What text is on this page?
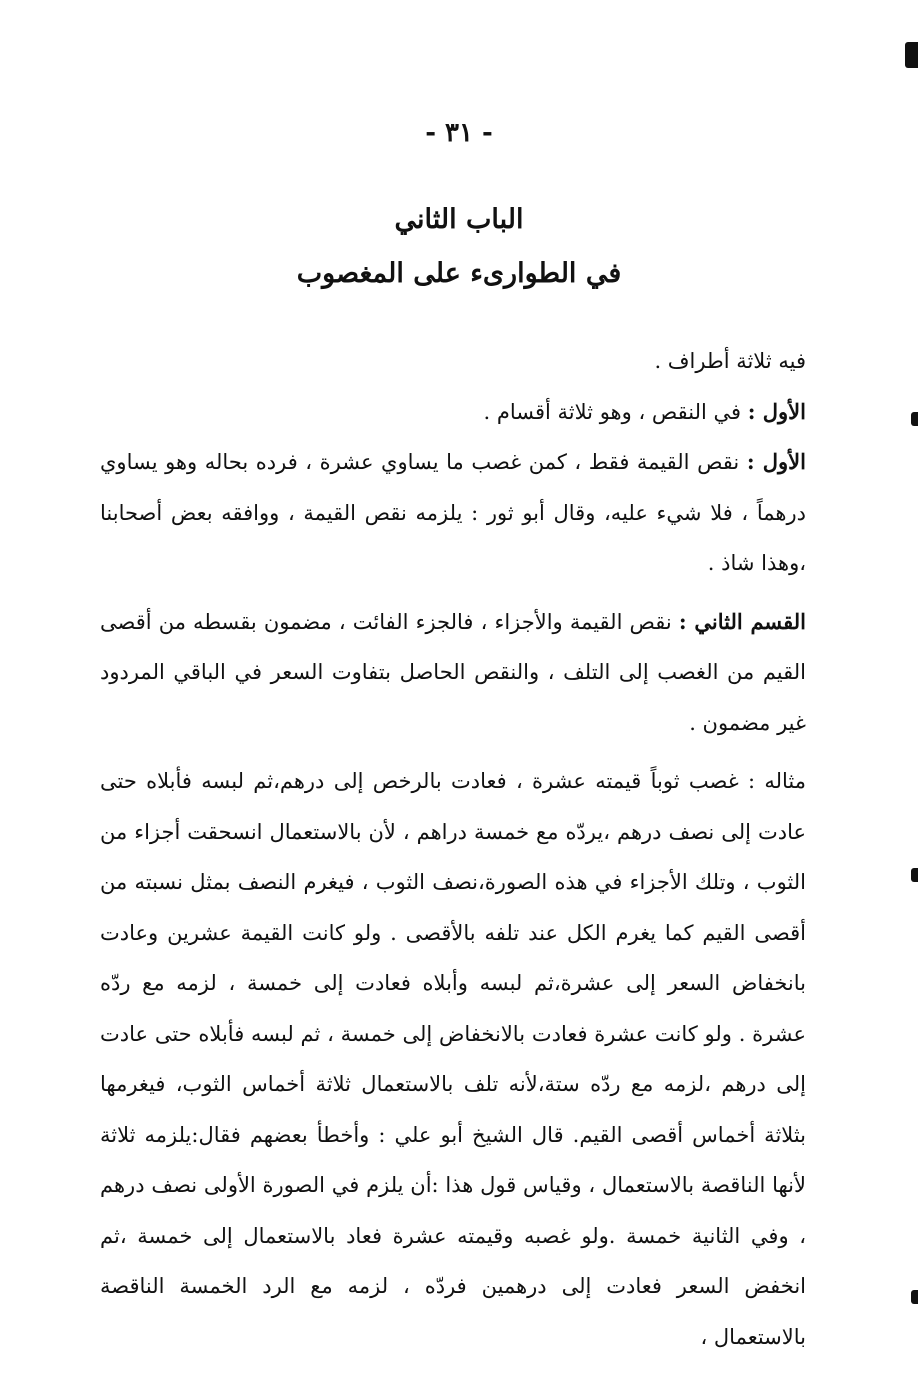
- ٣١ -
الباب الثاني
في الطوارىء على المغصوب

فيه ثلاثة أطراف .

الأول : في النقص ، وهو ثلاثة أقسام .

الأول : نقص القيمة فقط ، كمن غصب ما يساوي عشرة ، فرده بحاله وهو يساوي درهماً ، فلا شيء عليه، وقال أبو ثور : يلزمه نقص القيمة ، ووافقه بعض أصحابنا ،وهذا شاذ .

القسم الثاني : نقص القيمة والأجزاء ، فالجزء الفائت ، مضمون بقسطه من أقصى القيم من الغصب إلى التلف ، والنقص الحاصل بتفاوت السعر في الباقي المردود غير مضمون .

مثاله : غصب ثوباً قيمته عشرة ، فعادت بالرخص إلى درهم،ثم لبسه فأبلاه حتى عادت إلى نصف درهم ،يردّه مع خمسة دراهم ، لأن بالاستعمال انسحقت أجزاء من الثوب ، وتلك الأجزاء في هذه الصورة،نصف الثوب ، فيغرم النصف بمثل نسبته من أقصى القيم كما يغرم الكل عند تلفه بالأقصى . ولو كانت القيمة عشرين وعادت بانخفاض السعر إلى عشرة،ثم لبسه وأبلاه فعادت إلى خمسة ، لزمه مع ردّه عشرة . ولو كانت عشرة فعادت بالانخفاض إلى خمسة ، ثم لبسه فأبلاه حتى عادت إلى درهم ،لزمه مع ردّه ستة،لأنه تلف بالاستعمال ثلاثة أخماس الثوب، فيغرمها بثلاثة أخماس أقصى القيم. قال الشيخ أبو علي : وأخطأ بعضهم فقال:يلزمه ثلاثة لأنها الناقصة بالاستعمال ، وقياس قول هذا :أن يلزم في الصورة الأولى نصف درهم ، وفي الثانية خمسة .ولو غصبه وقيمته عشرة فعاد بالاستعمال إلى خمسة ،ثم انخفض السعر فعادت إلى درهمين فردّه ، لزمه مع الرد الخمسة الناقصة بالاستعمال ،
